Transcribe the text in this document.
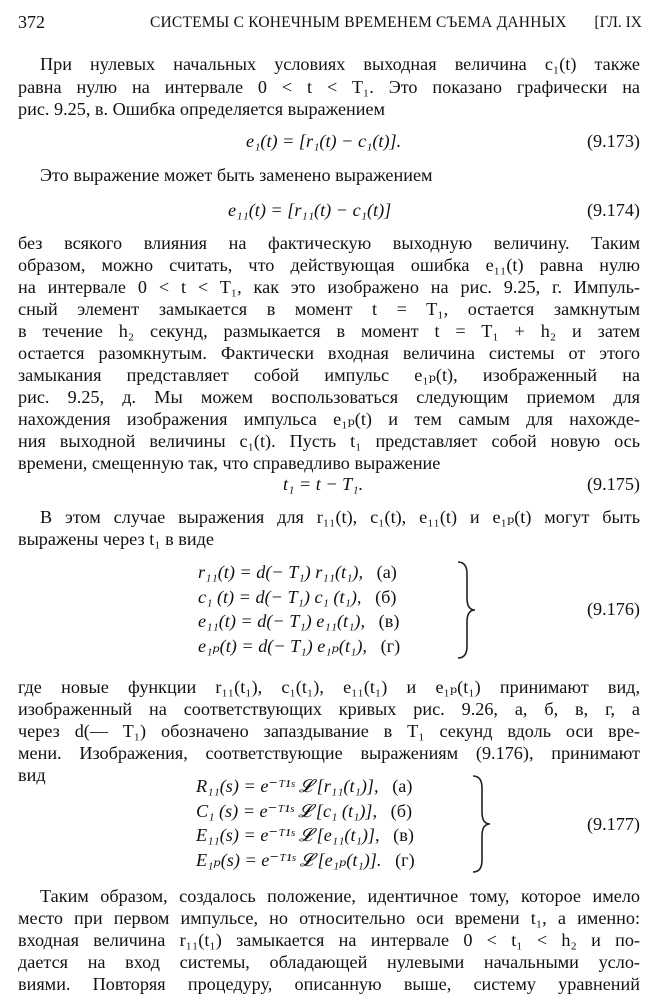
372	СИСТЕМЫ С КОНЕЧНЫМ ВРЕМЕНЕМ СЪЕМА ДАННЫХ [ГЛ. IX
При нулевых начальных условиях выходная величина c₁(t) также
равна нулю на интервале 0 < t < T₁. Это показано графически на
рис. 9.25, в. Ошибка определяется выражением
e₁(t) = [r₁(t) − c₁(t)].	(9.173)
Это выражение может быть заменено выражением
e₁₁(t) = [r₁₁(t) − c₁(t)]	(9.174)
без всякого влияния на фактическую выходную величину. Таким
образом, можно считать, что действующая ошибка e₁₁(t) равна нулю
на интервале 0 < t < T₁, как это изображено на рис. 9.25, г. Импуль-
сный элемент замыкается в момент t = T₁, остается замкнутым
в течение h₂ секунд, размыкается в момент t = T₁ + h₂ и затем
остается разомкнутым. Фактически входная величина системы от этого
замыкания представляет собой импульс e₁ₚ(t), изображенный на
рис. 9.25, д. Мы можем воспользоваться следующим приемом для
нахождения изображения импульса e₁ₚ(t) и тем самым для нахожде-
ния выходной величины c₁(t). Пусть t₁ представляет собой новую ось
времени, смещенную так, что справедливо выражение
t₁ = t − T₁.	(9.175)
В этом случае выражения для r₁₁(t), c₁(t), e₁₁(t) и e₁ₚ(t) могут быть
выражены через t₁ в виде
r₁₁(t) = d(− T₁) r₁₁(t₁), (а)
c₁ (t) = d(− T₁) c₁ (t₁), (б)
e₁₁(t) = d(− T₁) e₁₁(t₁), (в)
e₁ₚ(t) = d(− T₁) e₁ₚ(t₁), (г)
(9.176)
где новые функции r₁₁(t₁), c₁(t₁), e₁₁(t₁) и e₁ₚ(t₁) принимают вид,
изображенный на соответствующих кривых рис. 9.26, а, б, в, г, а
через d(— T₁) обозначено запаздывание в T₁ секунд вдоль оси вре-
мени. Изображения, соответствующие выражениям (9.176), принимают
вид
R₁₁(s) = e⁻ᵀ¹ˢ 𝓛 [r₁₁(t₁)], (а)
C₁ (s) = e⁻ᵀ¹ˢ 𝓛 [c₁ (t₁)], (б)
E₁₁(s) = e⁻ᵀ¹ˢ 𝓛 [e₁₁(t₁)], (в)
E₁ₚ(s) = e⁻ᵀ¹ˢ 𝓛 [e₁ₚ(t₁)]. (г)
(9.177)
Таким образом, создалось положение, идентичное тому, которое имело
место при первом импульсе, но относительно оси времени t₁, а именно:
входная величина r₁₁(t₁) замыкается на интервале 0 < t₁ < h₂ и по-
дается на вход системы, обладающей нулевыми начальными усло-
виями. Повторяя процедуру, описанную выше, систему уравнений
